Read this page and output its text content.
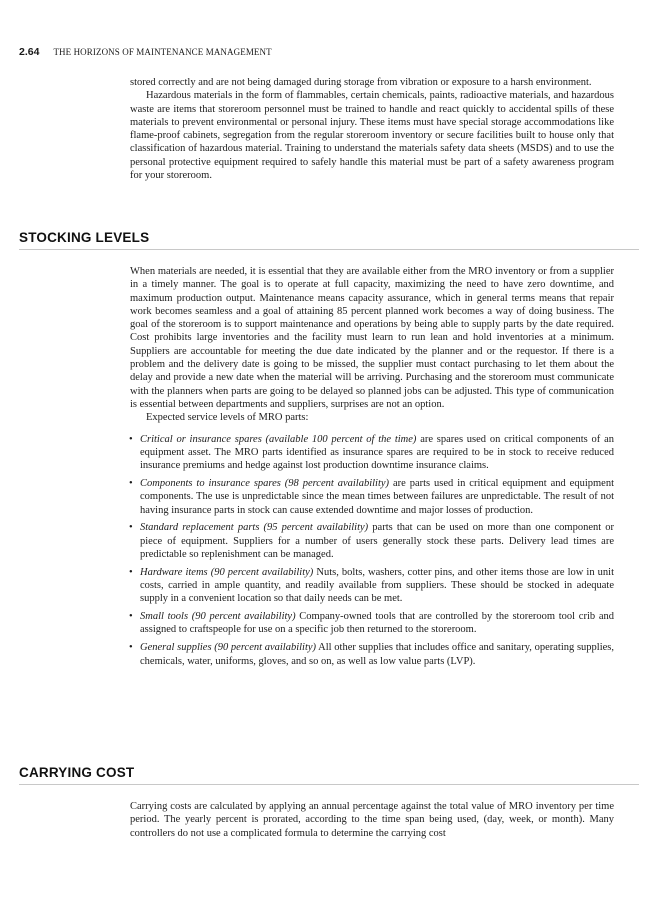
2.64 THE HORIZONS OF MAINTENANCE MANAGEMENT

stored correctly and are not being damaged during storage from vibration or exposure to a harsh environment.

Hazardous materials in the form of flammables, certain chemicals, paints, radioactive materials, and hazardous waste are items that storeroom personnel must be trained to handle and react quickly to accidental spills of these materials to prevent environmental or personal injury. These items must have special storage accommodations like flame-proof cabinets, segregation from the regular storeroom inventory or secure facilities built to house only that classification of hazardous material. Training to understand the materials safety data sheets (MSDS) and to use the personal protective equipment required to safely handle this material must be part of a safety awareness program for your storeroom.

STOCKING LEVELS

When materials are needed, it is essential that they are available either from the MRO inventory or from a supplier in a timely manner. The goal is to operate at full capacity, maximizing the need to have zero downtime, and maximum production output. Maintenance means capacity assurance, which in general terms means that repair work becomes seamless and a goal of attaining 85 percent planned work becomes a way of doing business. The goal of the storeroom is to support maintenance and operations by being able to supply parts by the date required. Cost prohibits large inventories and the facility must learn to run lean and hold inventories at a minimum. Suppliers are accountable for meeting the due date indicated by the planner and or the requestor. If there is a problem and the delivery date is going to be missed, the supplier must contact purchasing to let them about the delay and provide a new date when the material will be arriving. Purchasing and the storeroom must communicate with the planners when parts are going to be delayed so planned jobs can be adjusted. This type of communication is essential between departments and suppliers, surprises are not an option.

Expected service levels of MRO parts:

• Critical or insurance spares (available 100 percent of the time) are spares used on critical components of an equipment asset. The MRO parts identified as insurance spares are required to be in stock to receive reduced insurance premiums and hedge against lost production downtime insurance claims.
• Components to insurance spares (98 percent availability) are parts used in critical equipment and equipment components. The use is unpredictable since the mean times between failures are unpredictable. The result of not having insurance parts in stock can cause extended downtime and major losses of production.
• Standard replacement parts (95 percent availability) parts that can be used on more than one component or piece of equipment. Suppliers for a number of users generally stock these parts. Delivery lead times are predictable so replenishment can be managed.
• Hardware items (90 percent availability) Nuts, bolts, washers, cotter pins, and other items those are low in unit costs, carried in ample quantity, and readily available from suppliers. These should be stocked in adequate supply in a convenient location so that daily needs can be met.
• Small tools (90 percent availability) Company-owned tools that are controlled by the storeroom tool crib and assigned to craftspeople for use on a specific job then returned to the storeroom.
• General supplies (90 percent availability) All other supplies that includes office and sanitary, operating supplies, chemicals, water, uniforms, gloves, and so on, as well as low value parts (LVP).
CARRYING COST

Carrying costs are calculated by applying an annual percentage against the total value of MRO inventory per time period. The yearly percent is prorated, according to the time span being used, (day, week, or month). Many controllers do not use a complicated formula to determine the carrying cost
